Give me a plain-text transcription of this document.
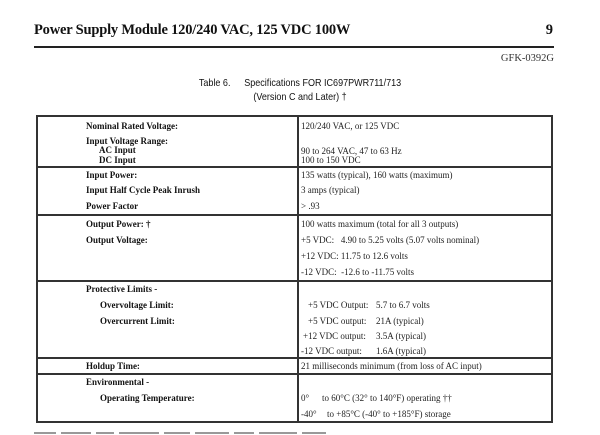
Power Supply Module 120/240 VAC, 125 VDC 100W	9
GFK-0392G
Table 6. Specifications FOR IC697PWR711/713
(Version C and Later) †
Nominal Rated Voltage:	120/240 VAC, or 125 VDC
Input Voltage Range:
AC Input	90 to 264 VAC, 47 to 63 Hz
DC Input	100 to 150 VDC
Input Power:	135 watts (typical), 160 watts (maximum)
Input Half Cycle Peak Inrush	3 amps (typical)
Power Factor	> .93
Output Power: †	100 watts maximum (total for all 3 outputs)
Output Voltage:	+5 VDC:   4.90 to 5.25 volts (5.07 volts nominal)
+12 VDC: 11.75 to 12.6 volts
-12 VDC:  -12.6 to -11.75 volts
Protective Limits -
Overvoltage Limit:	+5 VDC Output: 5.7 to 6.7 volts
Overcurrent Limit:	+5 VDC output: 21A (typical)
+12 VDC output: 3.5A (typical)
-12 VDC output: 1.6A (typical)
Holdup Time:	21 milliseconds minimum (from loss of AC input)
Environmental -
Operating Temperature:	0° to 60°C (32° to 140°F) operating ††
-40° to +85°C (-40° to +185°F) storage
